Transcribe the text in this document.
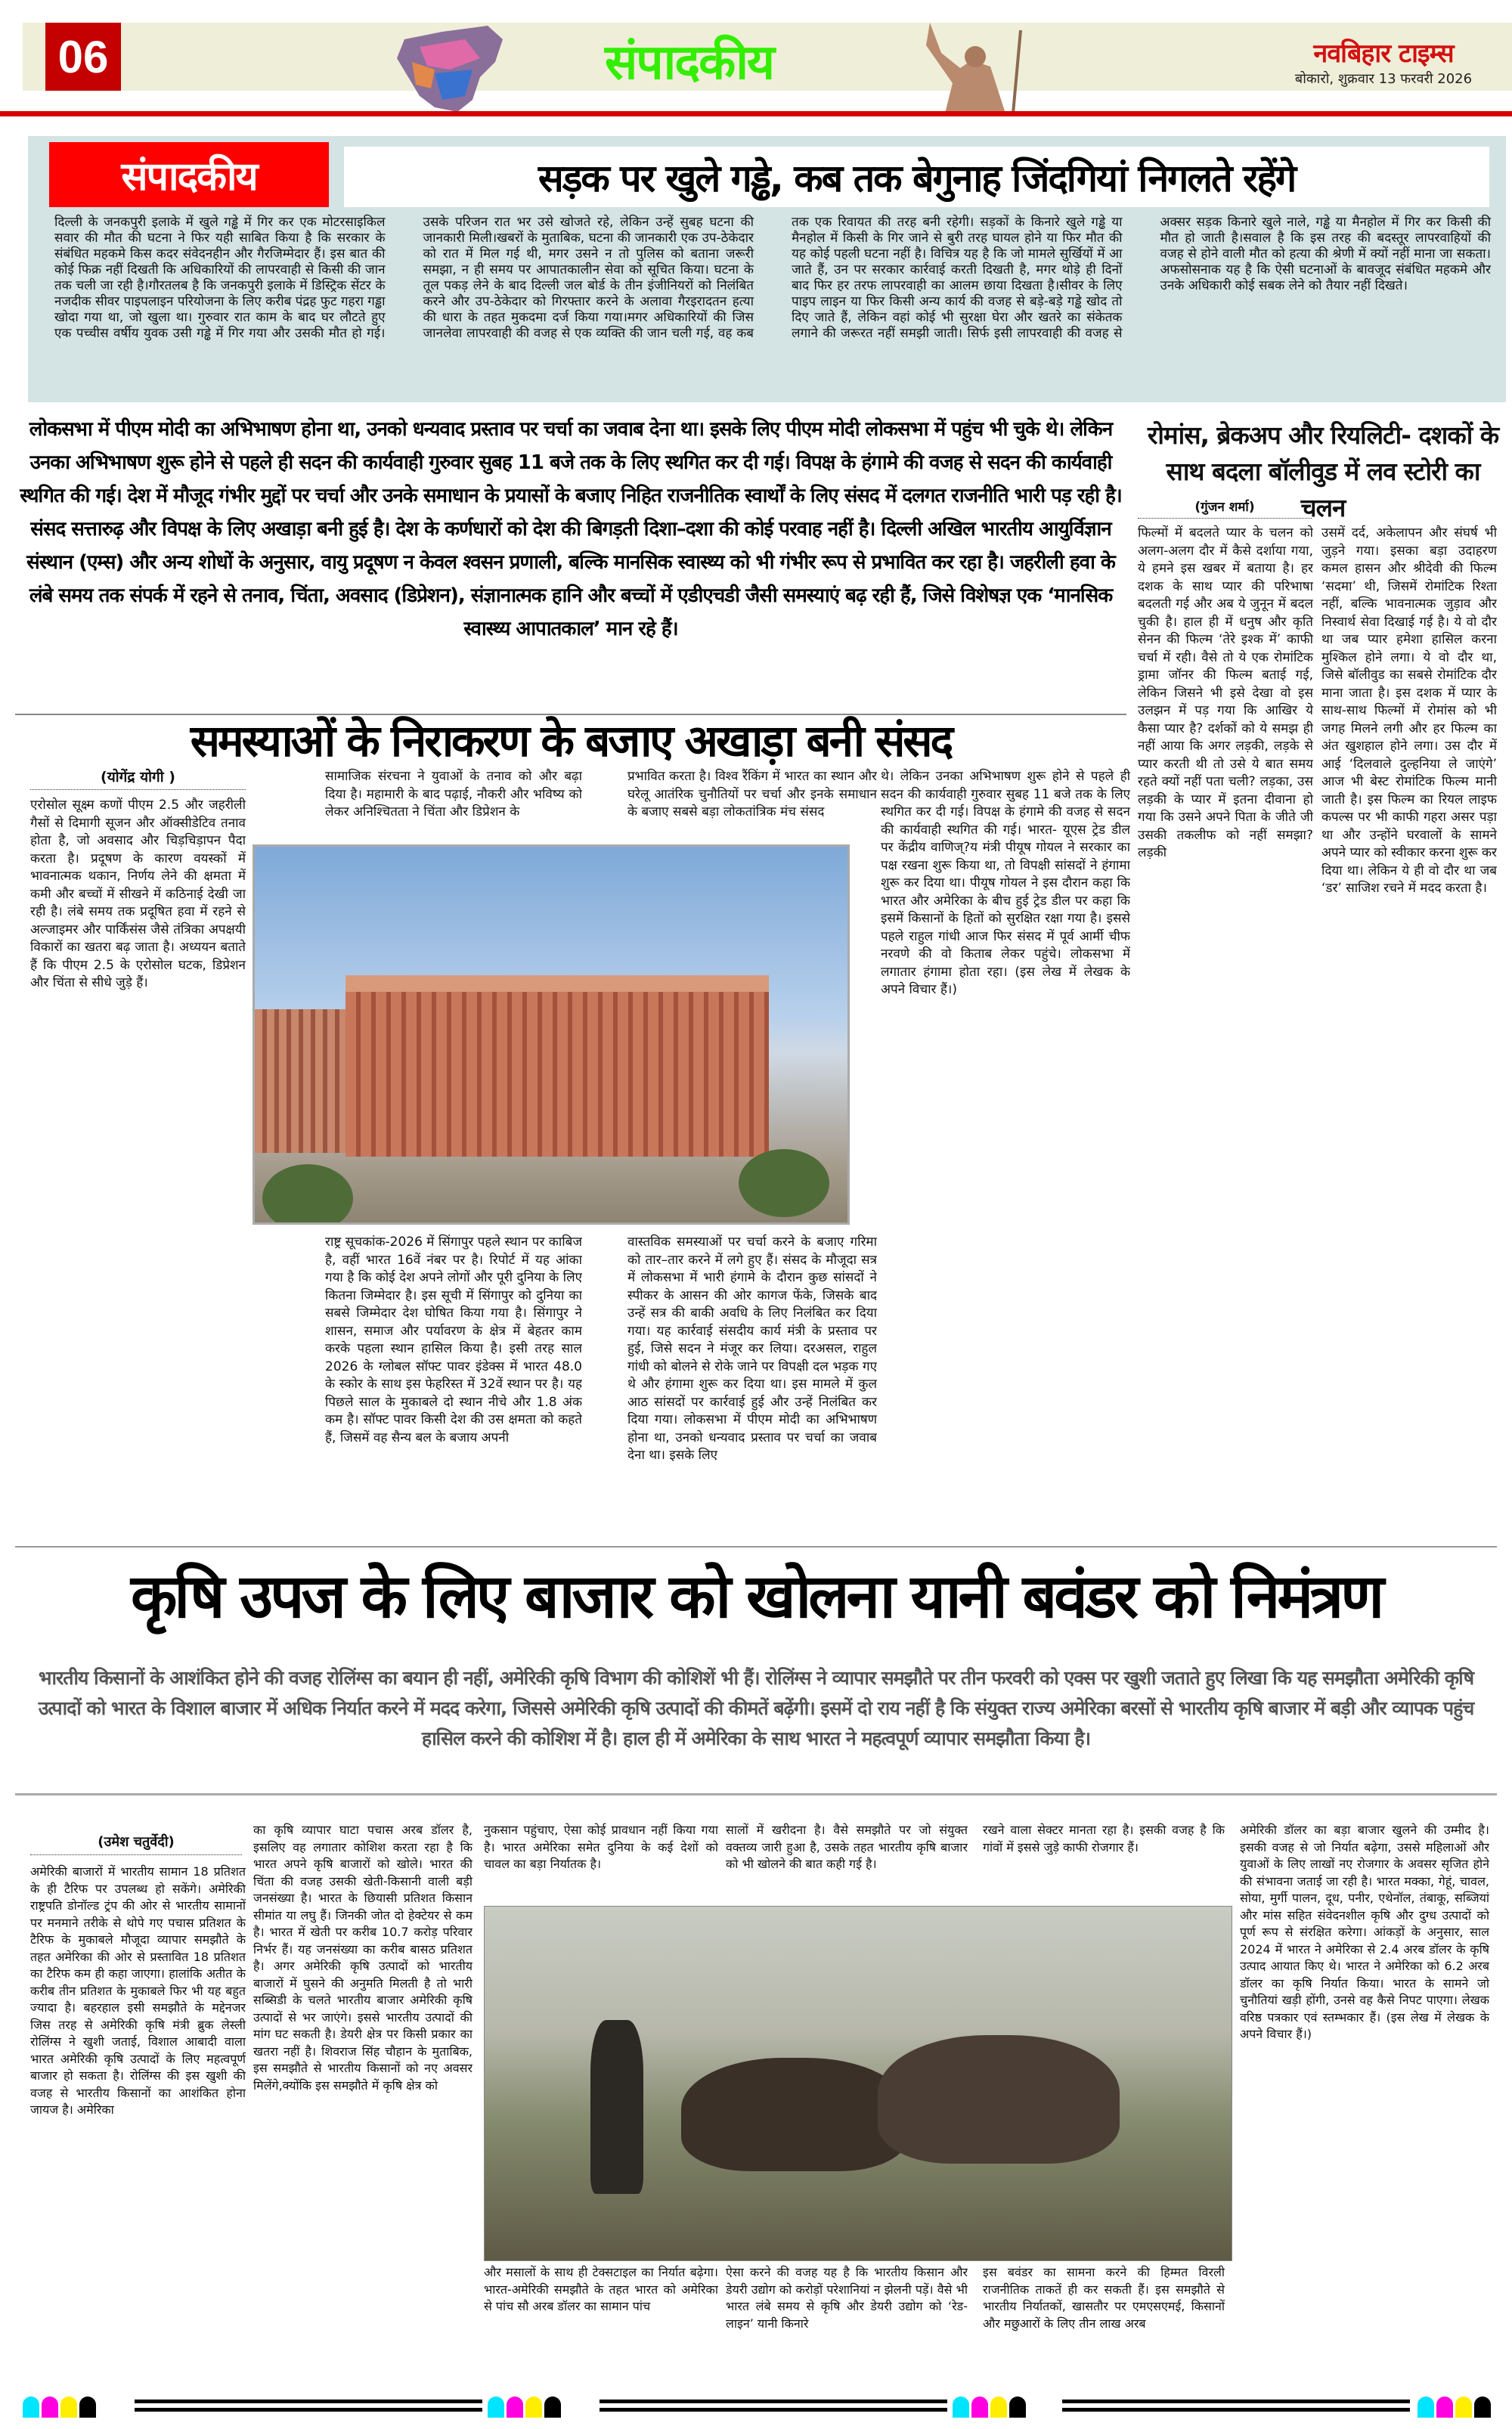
06	संपादकीय	नवबिहार टाइम्स
बोकारो, शुक्रवार 13 फरवरी 2026
संपादकीय	सड़क पर खुले गड्ढे, कब तक बेगुनाह जिंदगियां निगलते रहेंगे
दिल्ली के जनकपुरी इलाके में खुले गड्ढे में गिर कर एक मोटरसाइकिल सवार की मौत की घटना ने फिर यही साबित किया है कि सरकार के संबंधित महकमे किस कदर संवेदनहीन और गैरजिम्मेदार हैं। इस बात की कोई फिक्र नहीं दिखती कि अधिकारियों की लापरवाही से किसी की जान तक चली जा रही है।गौरतलब है कि जनकपुरी इलाके में डिस्ट्रिक सेंटर के नजदीक सीवर पाइपलाइन परियोजना के लिए करीब पंद्रह फुट गहरा गड्ढा खोदा गया था, जो खुला था। गुरुवार रात काम के बाद घर लौटते हुए एक पच्चीस वर्षीय युवक उसी गड्ढे में गिर गया और उसकी मौत हो गई। उसके परिजन रात भर उसे खोजते रहे, लेकिन उन्हें सुबह घटना की जानकारी मिली।खबरों के मुताबिक, घटना की जानकारी एक उप-ठेकेदार को रात में मिल गई थी, मगर उसने न तो पुलिस को बताना जरूरी समझा, न ही समय पर आपातकालीन सेवा को सूचित किया। घटना के तूल पकड़ लेने के बाद दिल्ली जल बोर्ड के तीन इंजीनियरों को निलंबित करने और उप-ठेकेदार को गिरफ्तार करने के अलावा गैरइरादतन हत्या की धारा के तहत मुकदमा दर्ज किया गया।मगर अधिकारियों की जिस जानलेवा लापरवाही की वजह से एक व्यक्ति की जान चली गई, वह कब तक एक रिवायत की तरह बनी रहेगी। सड़कों के किनारे खुले गड्ढे या मैनहोल में किसी के गिर जाने से बुरी तरह घायल होने या फिर मौत की यह कोई पहली घटना नहीं है। विचित्र यह है कि जो मामले सुर्खियों में आ जाते हैं, उन पर सरकार कार्रवाई करती दिखती है, मगर थोड़े ही दिनों बाद फिर हर तरफ लापरवाही का आलम छाया दिखता है।सीवर के लिए पाइप लाइन या फिर किसी अन्य कार्य की वजह से बड़े-बड़े गड्ढे खोद तो दिए जाते हैं, लेकिन वहां कोई भी सुरक्षा घेरा और खतरे का संकेतक लगाने की जरूरत नहीं समझी जाती। सिर्फ इसी लापरवाही की वजह से अक्सर सड़क किनारे खुले नाले, गड्ढे या मैनहोल में गिर कर किसी की मौत हो जाती है।सवाल है कि इस तरह की बदस्तूर लापरवाहियों की वजह से होने वाली मौत को हत्या की श्रेणी में क्यों नहीं माना जा सकता। अफसोसनाक यह है कि ऐसी घटनाओं के बावजूद संबंधित महकमे और उनके अधिकारी कोई सबक लेने को तैयार नहीं दिखते।
लोकसभा में पीएम मोदी का अभिभाषण होना था, उनको धन्यवाद प्रस्ताव पर चर्चा का जवाब देना था। इसके लिए पीएम मोदी लोकसभा में पहुंच भी चुके थे। लेकिन उनका अभिभाषण शुरू होने से पहले ही सदन की कार्यवाही गुरुवार सुबह 11 बजे तक के लिए स्थगित कर दी गई। विपक्ष के हंगामे की वजह से सदन की कार्यवाही स्थगित की गई। देश में मौजूद गंभीर मुद्दों पर चर्चा और उनके समाधान के प्रयासों के बजाए निहित राजनीतिक स्वार्थों के लिए संसद में दलगत राजनीति भारी पड़ रही है। संसद सत्तारुढ़ और विपक्ष के लिए अखाड़ा बनी हुई है। देश के कर्णधारों को देश की बिगड़ती दिशा–दशा की कोई परवाह नहीं है। दिल्ली अखिल भारतीय आयुर्विज्ञान संस्थान (एम्स) और अन्य शोधों के अनुसार, वायु प्रदूषण न केवल श्वसन प्रणाली, बल्कि मानसिक स्वास्थ्य को भी गंभीर रूप से प्रभावित कर रहा है। जहरीली हवा के लंबे समय तक संपर्क में रहने से तनाव, चिंता, अवसाद (डिप्रेशन), संज्ञानात्मक हानि और बच्चों में एडीएचडी जैसी समस्याएं बढ़ रही हैं, जिसे विशेषज्ञ एक ‘मानसिक स्वास्थ्य आपातकाल’ मान रहे हैं।
समस्याओं के निराकरण के बजाए अखाड़ा बनी संसद
(योगेंद्र योगी )
एरोसोल सूक्ष्म कणों पीएम 2.5 और जहरीली गैसों से दिमागी सूजन और ऑक्सीडेटिव तनाव होता है, जो अवसाद और चिड़चिड़ापन पैदा करता है। प्रदूषण के कारण वयस्कों में भावनात्मक थकान, निर्णय लेने की क्षमता में कमी और बच्चों में सीखने में कठिनाई देखी जा रही है। लंबे समय तक प्रदूषित हवा में रहने से अल्जाइमर और पार्किंसंस जैसे तंत्रिका अपक्षयी विकारों का खतरा बढ़ जाता है। अध्ययन बताते हैं कि पीएम 2.5 के एरोसोल घटक, डिप्रेशन और चिंता से सीधे जुड़े हैं।
सामाजिक संरचना ने युवाओं के तनाव को और बढ़ा दिया है। महामारी के बाद पढ़ाई, नौकरी और भविष्य को लेकर अनिश्चितता ने चिंता और डिप्रेशन के
प्रभावित करता है। विश्व रैंकिंग में भारत का स्थान और घरेलू आतंरिक चुनौतियों पर चर्चा और इनके समाधान के बजाए सबसे बड़ा लोकतांत्रिक मंच संसद
थे। लेकिन उनका अभिभाषण शुरू होने से पहले ही सदन की कार्यवाही गुरुवार सुबह 11 बजे तक के लिए स्थगित कर दी गई। विपक्ष के हंगामे की वजह से सदन की कार्यवाही स्थगित की गई। भारत- यूएस ट्रेड डील पर केंद्रीय वाणिज्?य मंत्री पीयूष गोयल ने सरकार का पक्ष रखना शुरू किया था, तो विपक्षी सांसदों ने हंगामा शुरू कर दिया था। पीयूष गोयल ने इस दौरान कहा कि भारत और अमेरिका के बीच हुई ट्रेड डील पर कहा कि इसमें किसानों के हितों को सुरक्षित रक्षा गया है। इससे पहले राहुल गांधी आज फिर संसद में पूर्व आर्मी चीफ नरवणे की वो किताब लेकर पहुंचे। लोकसभा में लगातार हंगामा होता रहा। (इस लेख में लेखक के अपने विचार हैं।)
राष्ट्र सूचकांक-2026 में सिंगापुर पहले स्थान पर काबिज है, वहीं भारत 16वें नंबर पर है। रिपोर्ट में यह आंका गया है कि कोई देश अपने लोगों और पूरी दुनिया के लिए कितना जिम्मेदार है। इस सूची में सिंगापुर को दुनिया का सबसे जिम्मेदार देश घोषित किया गया है। सिंगापुर ने शासन, समाज और पर्यावरण के क्षेत्र में बेहतर काम करके पहला स्थान हासिल किया है। इसी तरह साल 2026 के ग्लोबल सॉफ्ट पावर इंडेक्स में भारत 48.0 के स्कोर के साथ इस फेहरिस्त में 32वें स्थान पर है। यह पिछले साल के मुकाबले दो स्थान नीचे और 1.8 अंक कम है। सॉफ्ट पावर किसी देश की उस क्षमता को कहते हैं, जिसमें वह सैन्य बल के बजाय अपनी
वास्तविक समस्याओं पर चर्चा करने के बजाए गरिमा को तार–तार करने में लगे हुए हैं। संसद के मौजूदा सत्र में लोकसभा में भारी हंगामे के दौरान कुछ सांसदों ने स्पीकर के आसन की ओर कागज फेंके, जिसके बाद उन्हें सत्र की बाकी अवधि के लिए निलंबित कर दिया गया। यह कार्रवाई संसदीय कार्य मंत्री के प्रस्ताव पर हुई, जिसे सदन ने मंजूर कर लिया। दरअसल, राहुल गांधी को बोलने से रोके जाने पर विपक्षी दल भड़क गए थे और हंगामा शुरू कर दिया था। इस मामले में कुल आठ सांसदों पर कार्रवाई हुई और उन्हें निलंबित कर दिया गया। लोकसभा में पीएम मोदी का अभिभाषण होना था, उनको धन्यवाद प्रस्ताव पर चर्चा का जवाब देना था। इसके लिए
रोमांस, ब्रेकअप और रियलिटी- दशकों के साथ बदला बॉलीवुड में लव स्टोरी का चलन
(गुंजन शर्मा)
फिल्मों में बदलते प्यार के चलन को अलग-अलग दौर में कैसे दर्शाया गया, ये हमने इस खबर में बताया है। हर दशक के साथ प्यार की परिभाषा बदलती गई और अब ये जुनून में बदल चुकी है। हाल ही में धनुष और कृति सेनन की फिल्म ‘तेरे इश्क में’ काफी चर्चा में रही। वैसे तो ये एक रोमांटिक ड्रामा जॉनर की फिल्म बताई गई, लेकिन जिसने भी इसे देखा वो इस उलझन में पड़ गया कि आखिर ये कैसा प्यार है? दर्शकों को ये समझ ही नहीं आया कि अगर लड़की, लड़के से प्यार करती थी तो उसे ये बात समय रहते क्यों नहीं पता चली? लड़का, उस लड़की के प्यार में इतना दीवाना हो गया कि उसने अपने पिता के जीते जी उसकी तकलीफ को नहीं समझा? लड़की
उसमें दर्द, अकेलापन और संघर्ष भी जुड़ने गया। इसका बड़ा उदाहरण कमल हासन और श्रीदेवी की फिल्म ‘सदमा’ थी, जिसमें रोमांटिक रिश्ता नहीं, बल्कि भावनात्मक जुड़ाव और निस्वार्थ सेवा दिखाई गई है। ये वो दौर था जब प्यार हमेशा हासिल करना मुश्किल होने लगा। ये वो दौर था, जिसे बॉलीवुड का सबसे रोमांटिक दौर माना जाता है। इस दशक में प्यार के साथ-साथ फिल्मों में रोमांस को भी जगह मिलने लगी और हर फिल्म का अंत खुशहाल होने लगा। उस दौर में आई ‘दिलवाले दुल्हनिया ले जाएंगे’ आज भी बेस्ट रोमांटिक फिल्म मानी जाती है। इस फिल्म का रियल लाइफ कपल्स पर भी काफी गहरा असर पड़ा था और उन्होंने घरवालों के सामने अपने प्यार को स्वीकार करना शुरू कर दिया था। लेकिन ये ही वो दौर था जब ‘डर’ साजिश रचने में मदद करता है।
कृषि उपज के लिए बाजार को खोलना यानी बवंडर को निमंत्रण
भारतीय किसानों के आशंकित होने की वजह रोलिंग्स का बयान ही नहीं, अमेरिकी कृषि विभाग की कोशिशें भी हैं। रोलिंग्स ने व्यापार समझौते पर तीन फरवरी को एक्स पर खुशी जताते हुए लिखा कि यह समझौता अमेरिकी कृषि उत्पादों को भारत के विशाल बाजार में अधिक निर्यात करने में मदद करेगा, जिससे अमेरिकी कृषि उत्पादों की कीमतें बढ़ेंगी। इसमें दो राय नहीं है कि संयुक्त राज्य अमेरिका बरसों से भारतीय कृषि बाजार में बड़ी और व्यापक पहुंच हासिल करने की कोशिश में है। हाल ही में अमेरिका के साथ भारत ने महत्वपूर्ण व्यापार समझौता किया है।
(उमेश चतुर्वेदी)
अमेरिकी बाजारों में भारतीय सामान 18 प्रतिशत के ही टैरिफ पर उपलब्ध हो सकेंगे। अमेरिकी राष्ट्रपति डोनॉल्ड ट्रंप की ओर से भारतीय सामानों पर मनमाने तरीके से थोपे गए पचास प्रतिशत के टैरिफ के मुकाबले मौजूदा व्यापार समझौते के तहत अमेरिका की ओर से प्रस्तावित 18 प्रतिशत का टैरिफ कम ही कहा जाएगा। हालांकि अतीत के करीब तीन प्रतिशत के मुकाबले फिर भी यह बहुत ज्यादा है। बहरहाल इसी समझौते के मद्देनजर जिस तरह से अमेरिकी कृषि मंत्री ब्रुक लेस्ली रोलिंग्स ने खुशी जताई, विशाल आबादी वाला भारत अमेरिकी कृषि उत्पादों के लिए महत्वपूर्ण बाजार हो सकता है। रोलिंग्स की इस खुशी की वजह से भारतीय किसानों का आशंकित होना जायज है। अमेरिका
का कृषि व्यापार घाटा पचास अरब डॉलर है, इसलिए वह लगातार कोशिश करता रहा है कि भारत अपने कृषि बाजारों को खोले। भारत की चिंता की वजह उसकी खेती-किसानी वाली बड़ी जनसंख्या है। भारत के छियासी प्रतिशत किसान सीमांत या लघु हैं। जिनकी जोत दो हेक्टेयर से कम है। भारत में खेती पर करीब 10.7 करोड़ परिवार निर्भर हैं। यह जनसंख्या का करीब बासठ प्रतिशत है। अगर अमेरिकी कृषि उत्पादों को भारतीय बाजारों में घुसने की अनुमति मिलती है तो भारी सब्सिडी के चलते भारतीय बाजार अमेरिकी कृषि उत्पादों से भर जाएंगे। इससे भारतीय उत्पादों की मांग घट सकती है। डेयरी क्षेत्र पर किसी प्रकार का खतरा नहीं है। शिवराज सिंह चौहान के मुताबिक, इस समझौते से भारतीय किसानों को नए अवसर मिलेंगे,क्योंकि इस समझौते में कृषि क्षेत्र को
नुकसान पहुंचाए, ऐसा कोई प्रावधान नहीं किया गया है। भारत अमेरिका समेत दुनिया के कई देशों को चावल का बड़ा निर्यातक है।
सालों में खरीदना है। वैसे समझौते पर जो संयुक्त वक्तव्य जारी हुआ है, उसके तहत भारतीय कृषि बाजार को भी खोलने की बात कही गई है।
रखने वाला सेक्टर मानता रहा है। इसकी वजह है कि गांवों में इससे जुड़े काफी रोजगार हैं।
और मसालों के साथ ही टेक्सटाइल का निर्यात बढ़ेगा। भारत-अमेरिकी समझौते के तहत भारत को अमेरिका से पांच सौ अरब डॉलर का सामान पांच
ऐसा करने की वजह यह है कि भारतीय किसान और डेयरी उद्योग को करोड़ों परेशानियां न झेलनी पड़ें। वैसे भी भारत लंबे समय से कृषि और डेयरी उद्योग को ‘रेड-लाइन’ यानी किनारे
इस बवंडर का सामना करने की हिम्मत विरली राजनीतिक ताकतें ही कर सकती हैं। इस समझौते से भारतीय निर्यातकों, खासतौर पर एमएसएमई, किसानों और मछुआरों के लिए तीन लाख अरब
अमेरिकी डॉलर का बड़ा बाजार खुलने की उम्मीद है। इसकी वजह से जो निर्यात बढ़ेगा, उससे महिलाओं और युवाओं के लिए लाखों नए रोजगार के अवसर सृजित होने की संभावना जताई जा रही है। भारत मक्का, गेहूं, चावल, सोया, मुर्गी पालन, दूध, पनीर, एथेनॉल, तंबाकू, सब्जियां और मांस सहित संवेदनशील कृषि और दुग्ध उत्पादों को पूर्ण रूप से संरक्षित करेगा। आंकड़ों के अनुसार, साल 2024 में भारत ने अमेरिका से 2.4 अरब डॉलर के कृषि उत्पाद आयात किए थे। भारत ने अमेरिका को 6.2 अरब डॉलर का कृषि निर्यात किया। भारत के सामने जो चुनौतियां खड़ी होंगी, उनसे वह कैसे निपट पाएगा। लेखक वरिष्ठ पत्रकार एवं स्तम्भकार हैं। (इस लेख में लेखक के अपने विचार हैं।)
